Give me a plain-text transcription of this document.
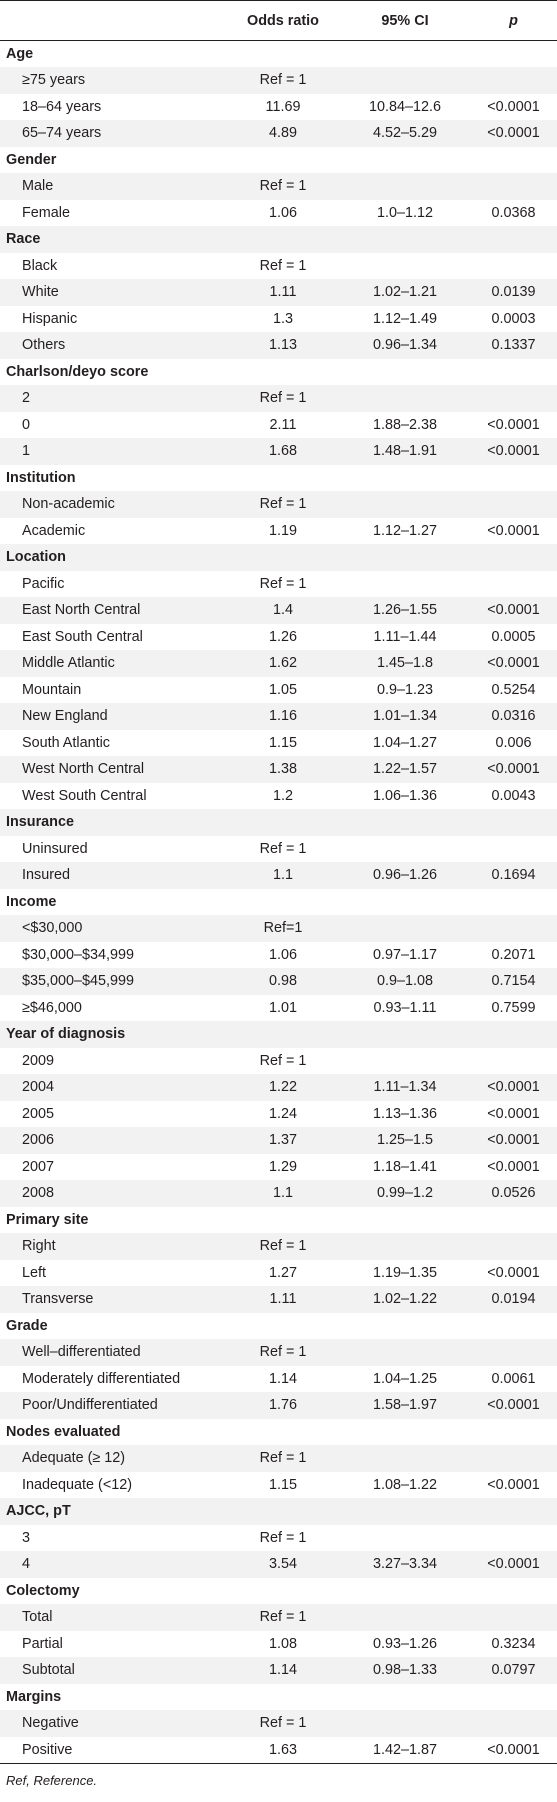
	Odds ratio	95% CI	p
Age			
≥75 years	Ref = 1		
18–64 years	11.69	10.84–12.6	<0.0001
65–74 years	4.89	4.52–5.29	<0.0001
Gender			
Male	Ref = 1		
Female	1.06	1.0–1.12	0.0368
Race			
Black	Ref = 1		
White	1.11	1.02–1.21	0.0139
Hispanic	1.3	1.12–1.49	0.0003
Others	1.13	0.96–1.34	0.1337
Charlson/deyo score			
2	Ref = 1		
0	2.11	1.88–2.38	<0.0001
1	1.68	1.48–1.91	<0.0001
Institution			
Non-academic	Ref = 1		
Academic	1.19	1.12–1.27	<0.0001
Location			
Pacific	Ref = 1		
East North Central	1.4	1.26–1.55	<0.0001
East South Central	1.26	1.11–1.44	0.0005
Middle Atlantic	1.62	1.45–1.8	<0.0001
Mountain	1.05	0.9–1.23	0.5254
New England	1.16	1.01–1.34	0.0316
South Atlantic	1.15	1.04–1.27	0.006
West North Central	1.38	1.22–1.57	<0.0001
West South Central	1.2	1.06–1.36	0.0043
Insurance			
Uninsured	Ref = 1		
Insured	1.1	0.96–1.26	0.1694
Income			
<$30,000	Ref=1		
$30,000–$34,999	1.06	0.97–1.17	0.2071
$35,000–$45,999	0.98	0.9–1.08	0.7154
≥$46,000	1.01	0.93–1.11	0.7599
Year of diagnosis			
2009	Ref = 1		
2004	1.22	1.11–1.34	<0.0001
2005	1.24	1.13–1.36	<0.0001
2006	1.37	1.25–1.5	<0.0001
2007	1.29	1.18–1.41	<0.0001
2008	1.1	0.99–1.2	0.0526
Primary site			
Right	Ref = 1		
Left	1.27	1.19–1.35	<0.0001
Transverse	1.11	1.02–1.22	0.0194
Grade			
Well–differentiated	Ref = 1		
Moderately differentiated	1.14	1.04–1.25	0.0061
Poor/Undifferentiated	1.76	1.58–1.97	<0.0001
Nodes evaluated			
Adequate (≥ 12)	Ref = 1		
Inadequate (<12)	1.15	1.08–1.22	<0.0001
AJCC, pT			
3	Ref = 1		
4	3.54	3.27–3.34	<0.0001
Colectomy			
Total	Ref = 1		
Partial	1.08	0.93–1.26	0.3234
Subtotal	1.14	0.98–1.33	0.0797
Margins			
Negative	Ref = 1		
Positive	1.63	1.42–1.87	<0.0001
Ref, Reference.
